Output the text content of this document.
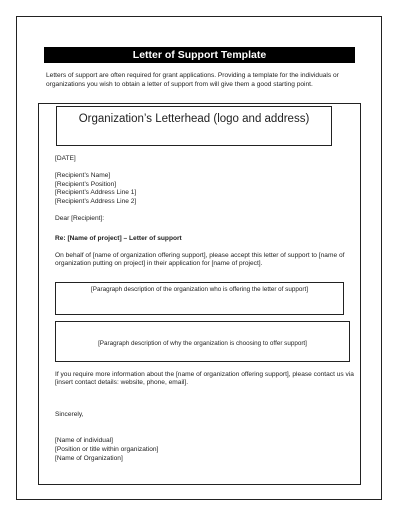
Letter of Support Template

Letters of support are often required for grant applications. Providing a template for the individuals or organizations you wish to obtain a letter of support from will give them a good starting point.

Organization’s Letterhead (logo and address)

[DATE]

[Recipient’s Name]

[Recipient’s Position]

[Recipient’s Address Line 1]

[Recipient’s Address Line 2]

Dear [Recipient]:

Re: [Name of project] – Letter of support

On behalf of [name of organization offering support], please accept this letter of support to [name of organization putting on project] in their application for [name of project].

[Paragraph description of the organization who is offering the letter of support]
[Paragraph description of why the organization is choosing to offer support]

If you require more information about the [name of organization offering support], please contact us via [insert contact details: website, phone, email].

Sincerely,

[Name of individual]

[Position or title within organization]

[Name of Organization]
